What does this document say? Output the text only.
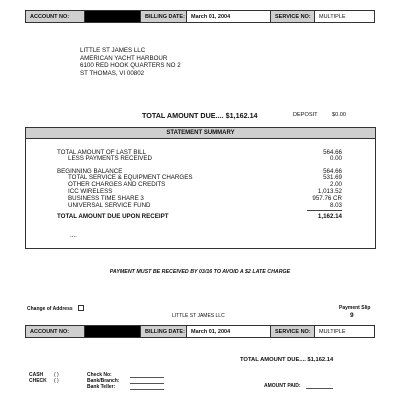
ACCOUNT NO:	BILLING DATE:	March 01, 2004	SERVICE NO:	MULTIPLE
LITTLE ST JAMES LLC
AMERICAN YACHT HARBOUR
6100 RED HOOK QUARTERS NO 2
ST THOMAS, VI 00802
TOTAL AMOUNT DUE.... $1,162.14	DEPOSIT	$0.00
STATEMENT SUMMARY
TOTAL AMOUNT OF LAST BILL	564.66
LESS PAYMENTS RECEIVED	0.00
BEGINNING BALANCE	564.66
TOTAL SERVICE & EQUIPMENT CHARGES	531.69
OTHER CHARGES AND CREDITS	2.00
ICC WIRELESS	1,013.52
BUSINESS TIME SHARE 3	957.76 CR
UNIVERSAL SERVICE FUND	8.03
TOTAL AMOUNT DUE UPON RECEIPT	1,162.14
....
PAYMENT MUST BE RECEIVED BY 03/16 TO AVOID A $2 LATE CHARGE
Change of Address
LITTLE ST JAMES LLC
Payment Slip
9
ACCOUNT NO:	BILLING DATE:	March 01, 2004	SERVICE NO:	MULTIPLE
TOTAL AMOUNT DUE.... $1,162.14
CASH ( )
CHECK ( )
Check No:
Bank/Branch:
Bank Teller:	AMOUNT PAID:
